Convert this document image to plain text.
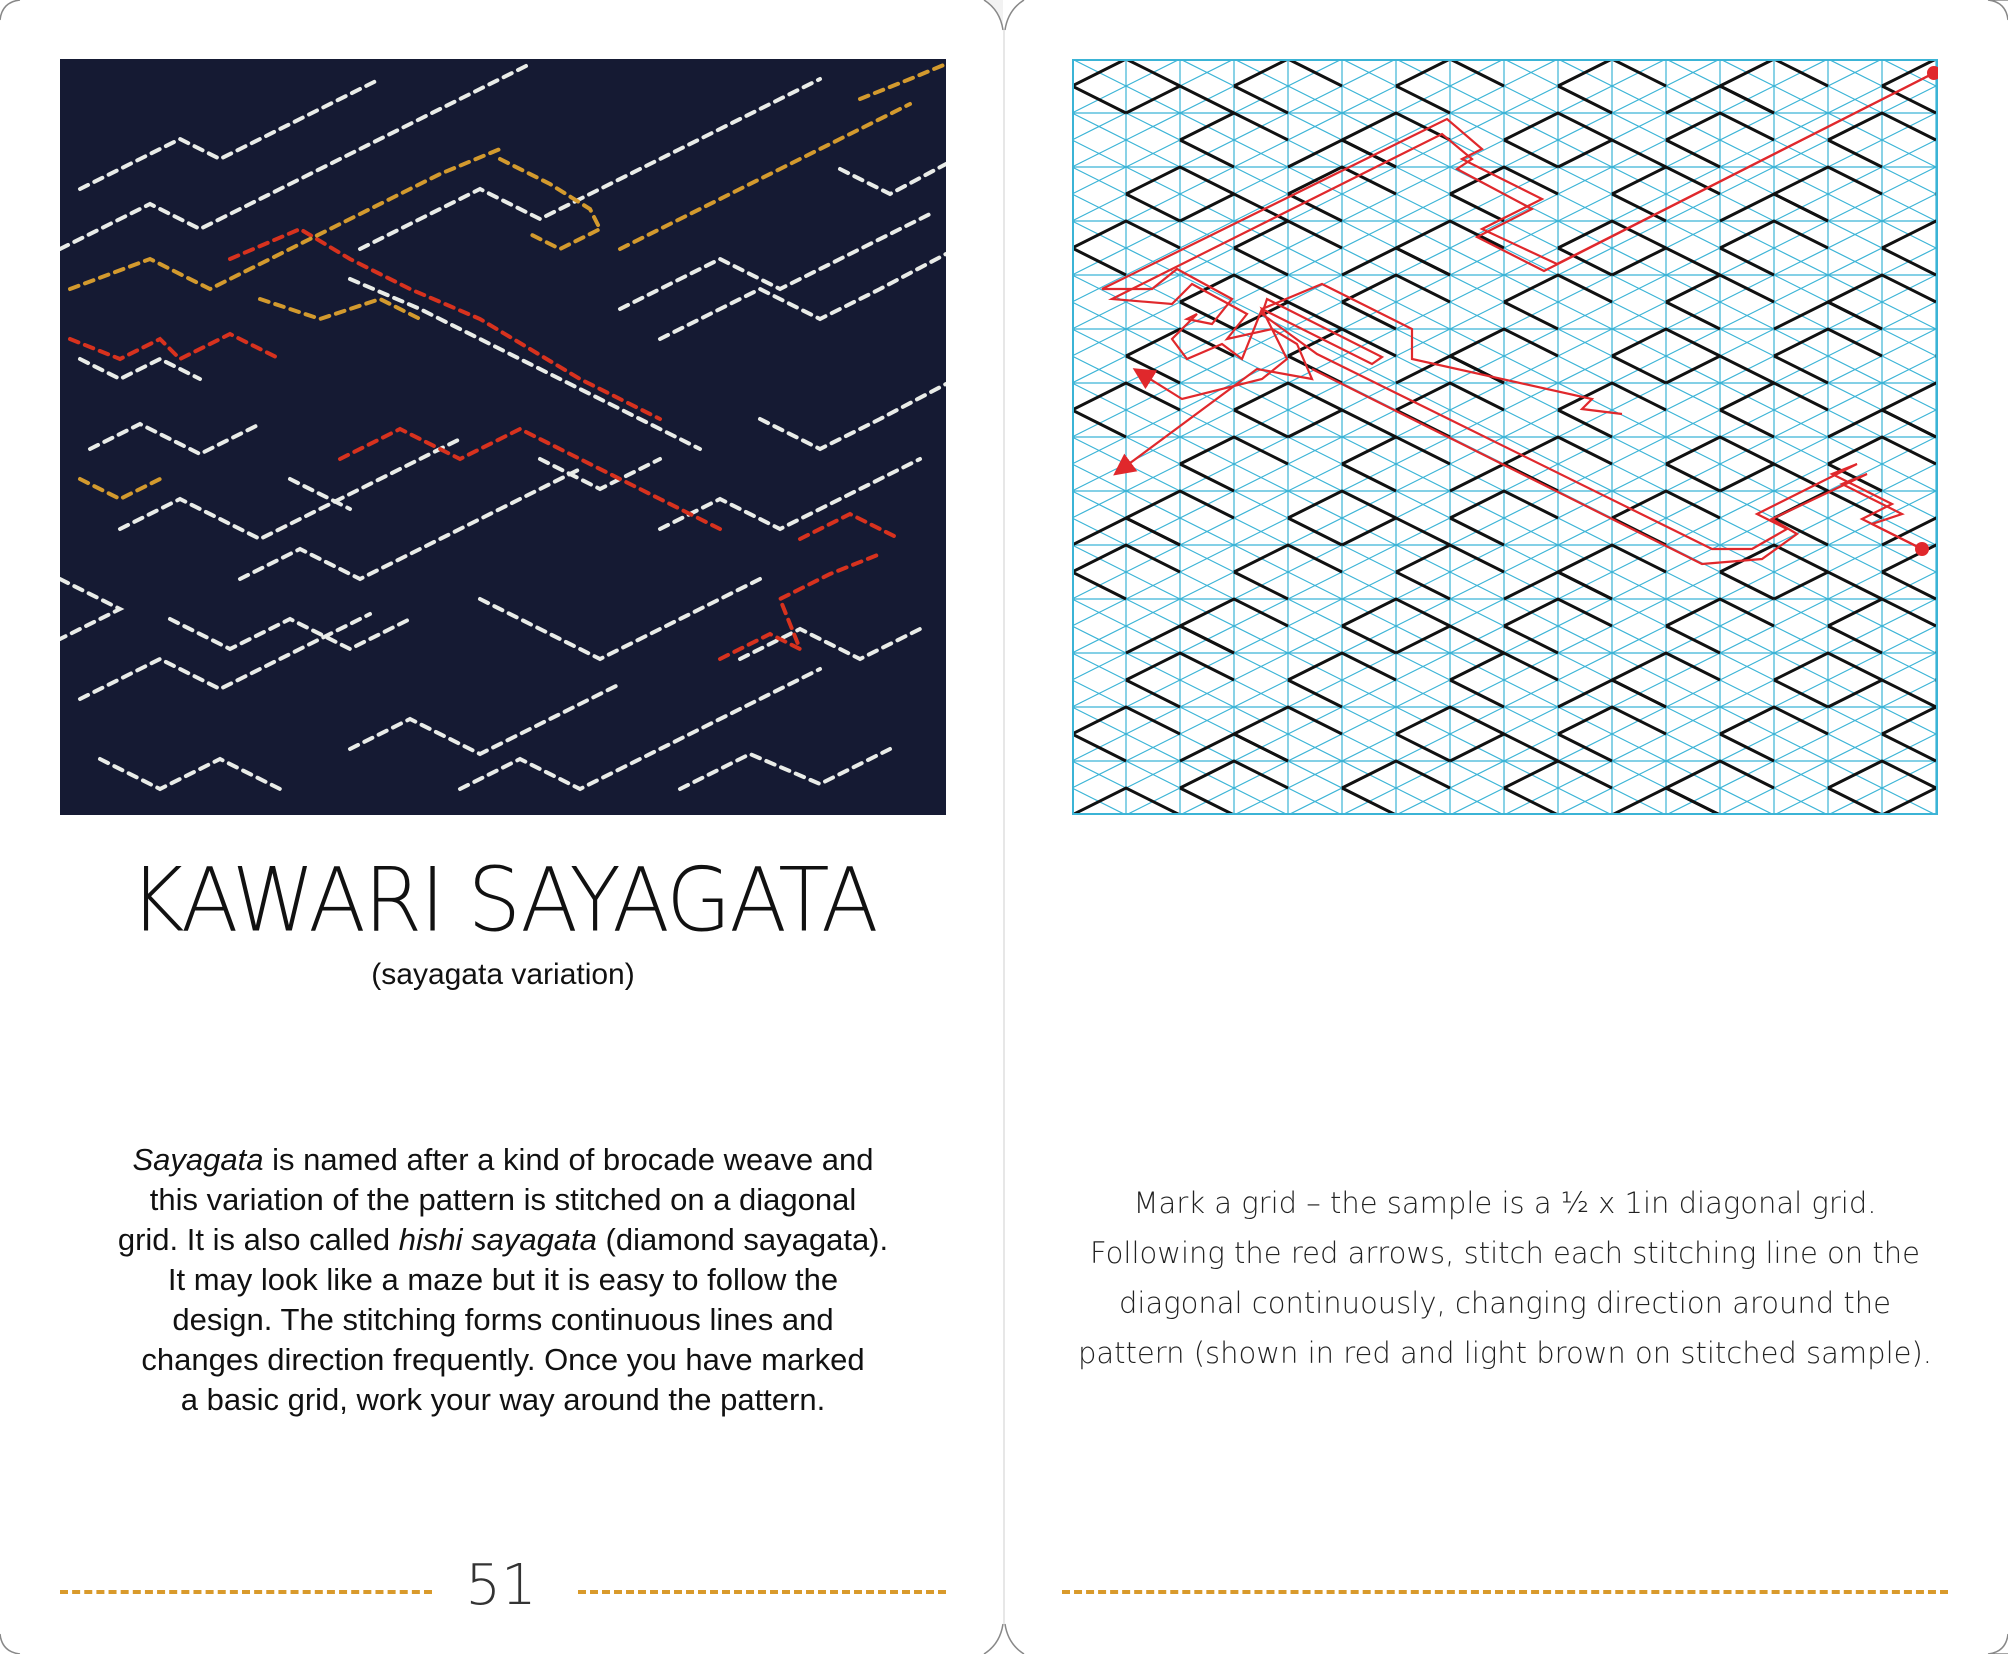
KAWARI SAYAGATA
(sayagata variation)
Sayagata is named after a kind of brocade weave and
this variation of the pattern is stitched on a diagonal
grid. It is also called hishi sayagata (diamond sayagata).
It may look like a maze but it is easy to follow the
design. The stitching forms continuous lines and
changes direction frequently. Once you have marked
a basic grid, work your way around the pattern.
Mark a grid – the sample is a ½ x 1in diagonal grid.
Following the red arrows, stitch each stitching line on the
diagonal continuously, changing direction around the
pattern (shown in red and light brown on stitched sample).
51
